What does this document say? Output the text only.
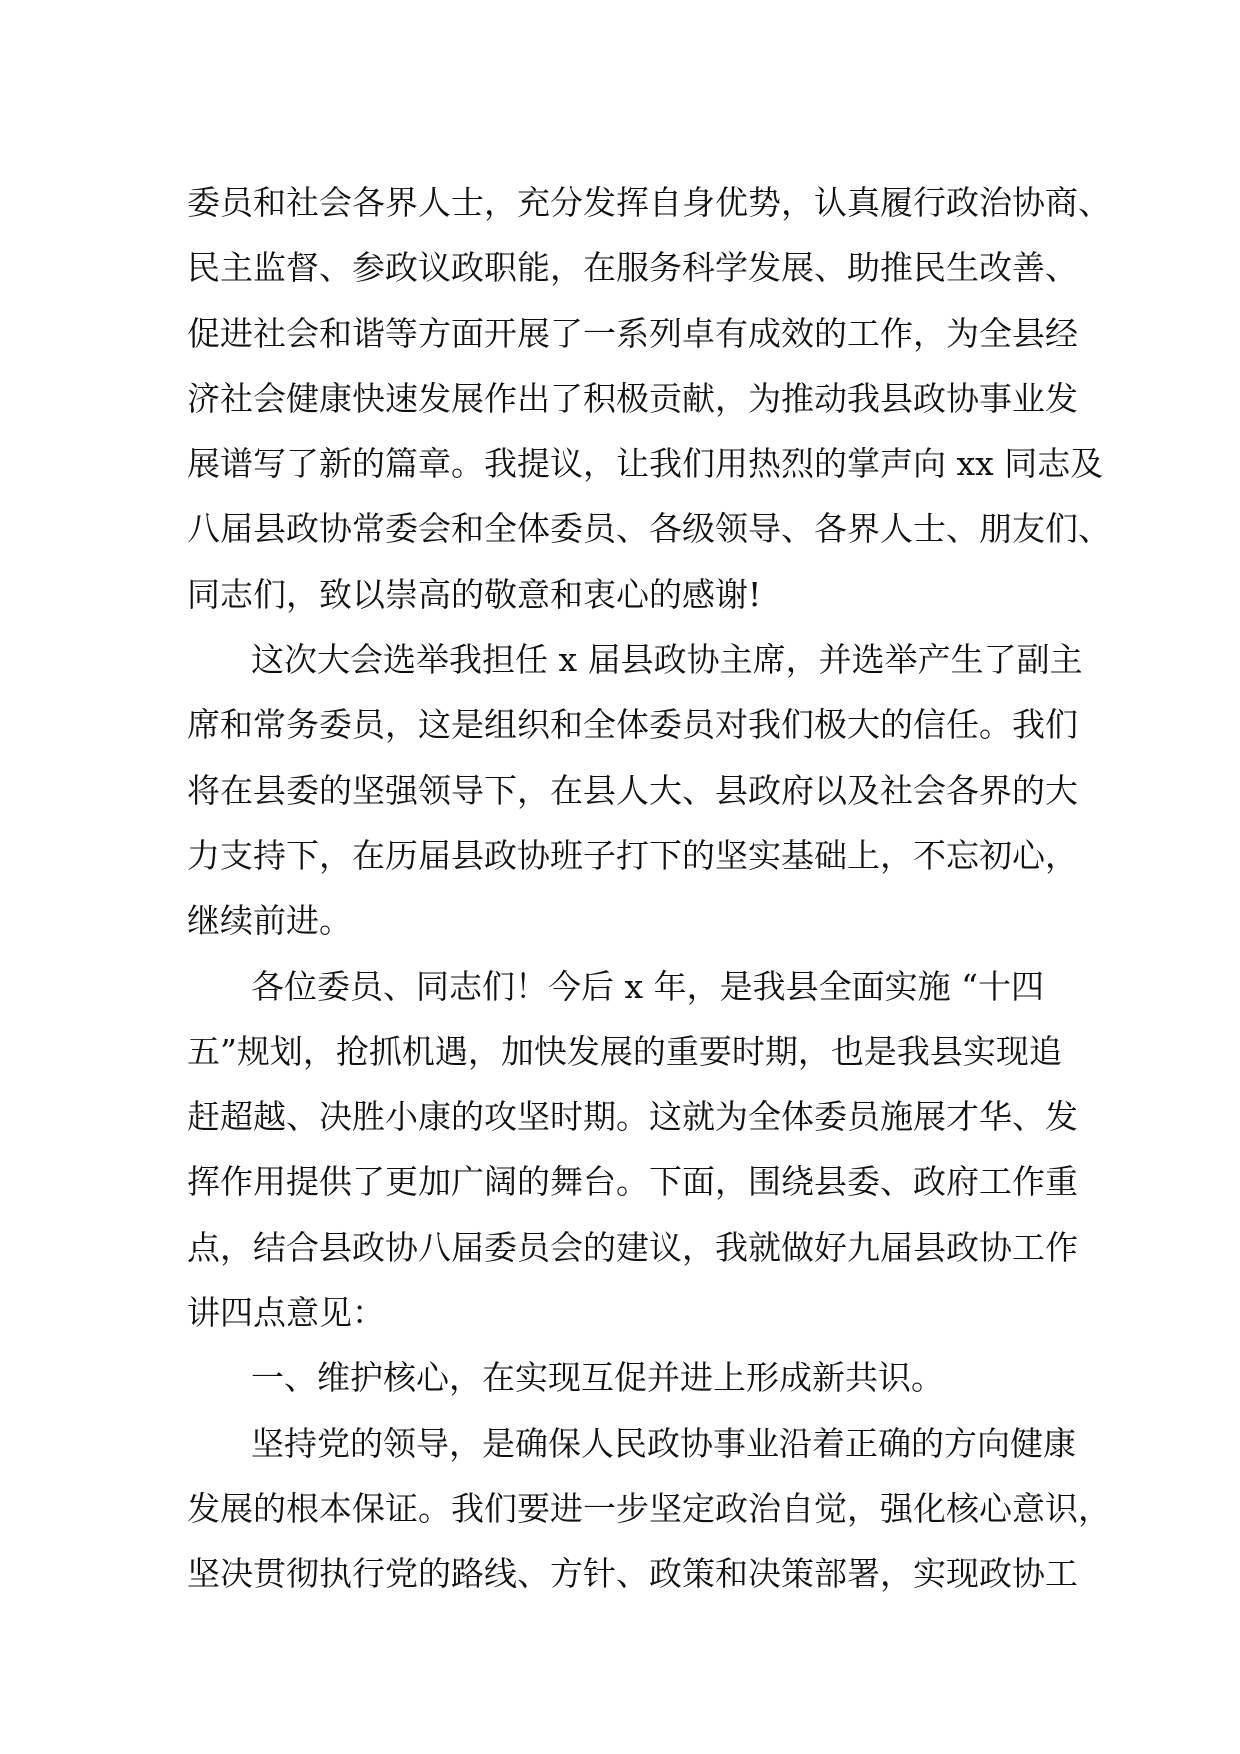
委员和社会各界人士，充分发挥自身优势，认真履行政治协商、
民主监督、参政议政职能，在服务科学发展、助推民生改善、
促进社会和谐等方面开展了一系列卓有成效的工作，为全县经
济社会健康快速发展作出了积极贡献，为推动我县政协事业发
展谱写了新的篇章。我提议，让我们用热烈的掌声向 xx 同志及
八届县政协常委会和全体委员、各级领导、各界人士、朋友们、
同志们，致以崇高的敬意和衷心的感谢!
这次大会选举我担任 x 届县政协主席，并选举产生了副主
席和常务委员，这是组织和全体委员对我们极大的信任。我们
将在县委的坚强领导下，在县人大、县政府以及社会各界的大
力支持下，在历届县政协班子打下的坚实基础上，不忘初心，
继续前进。
各位委员、同志们！今后 x 年，是我县全面实施 “十四
五”规划，抢抓机遇，加快发展的重要时期，也是我县实现追
赶超越、决胜小康的攻坚时期。这就为全体委员施展才华、发
挥作用提供了更加广阔的舞台。下面，围绕县委、政府工作重
点，结合县政协八届委员会的建议，我就做好九届县政协工作
讲四点意见：
一、维护核心，在实现互促并进上形成新共识。
坚持党的领导，是确保人民政协事业沿着正确的方向健康
发展的根本保证。我们要进一步坚定政治自觉，强化核心意识，
坚决贯彻执行党的路线、方针、政策和决策部署，实现政协工
